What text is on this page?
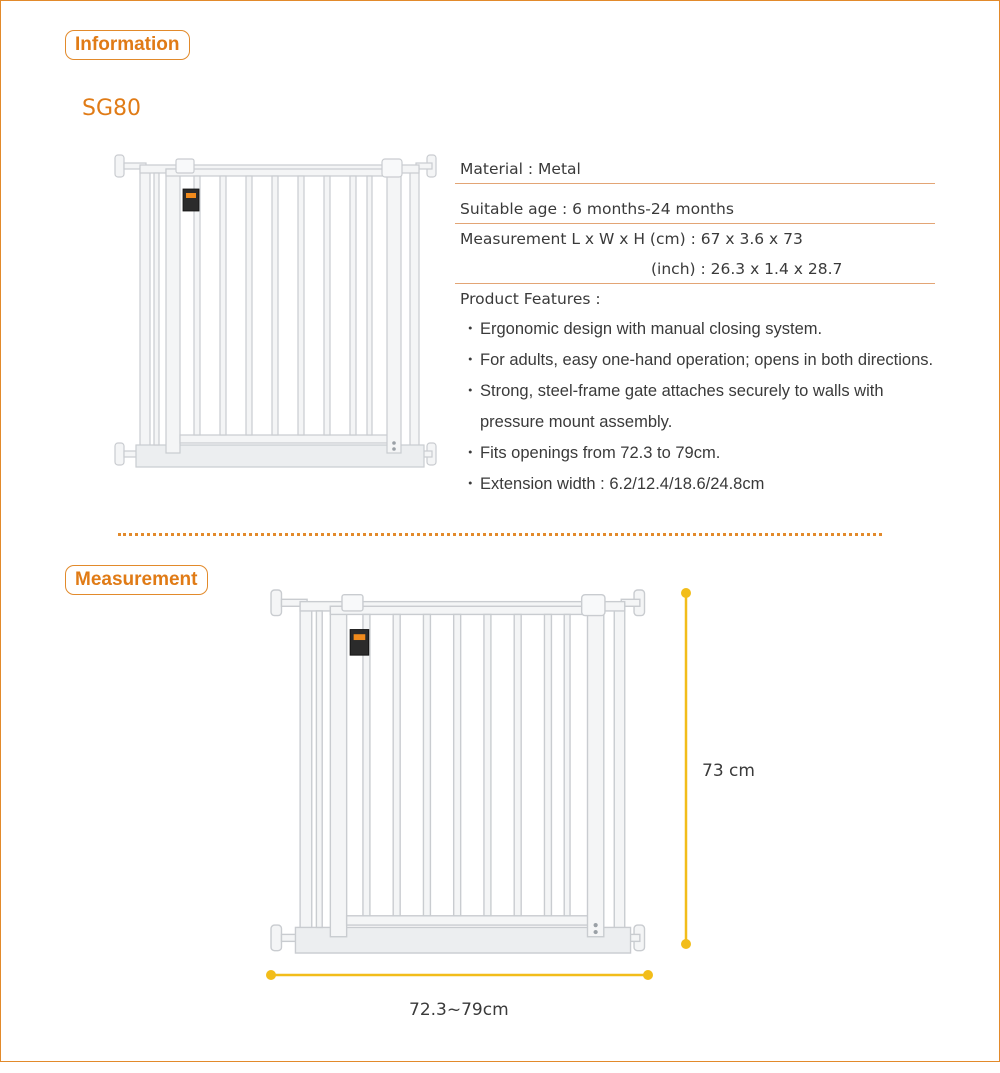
Information
SG80
Material : Metal
Suitable age : 6 months-24 months
Measurement L x W x H (cm) : 67 x 3.6 x 73
(inch) : 26.3 x 1.4 x 28.7
Product Features :
・Ergonomic design with manual closing system.
・For adults, easy one-hand operation; opens in both directions.
・Strong, steel-frame gate attaches securely to walls with
pressure mount assembly.
・Fits openings from 72.3 to 79cm.
・Extension width : 6.2/12.4/18.6/24.8cm
Measurement
73 cm
72.3~79cm
